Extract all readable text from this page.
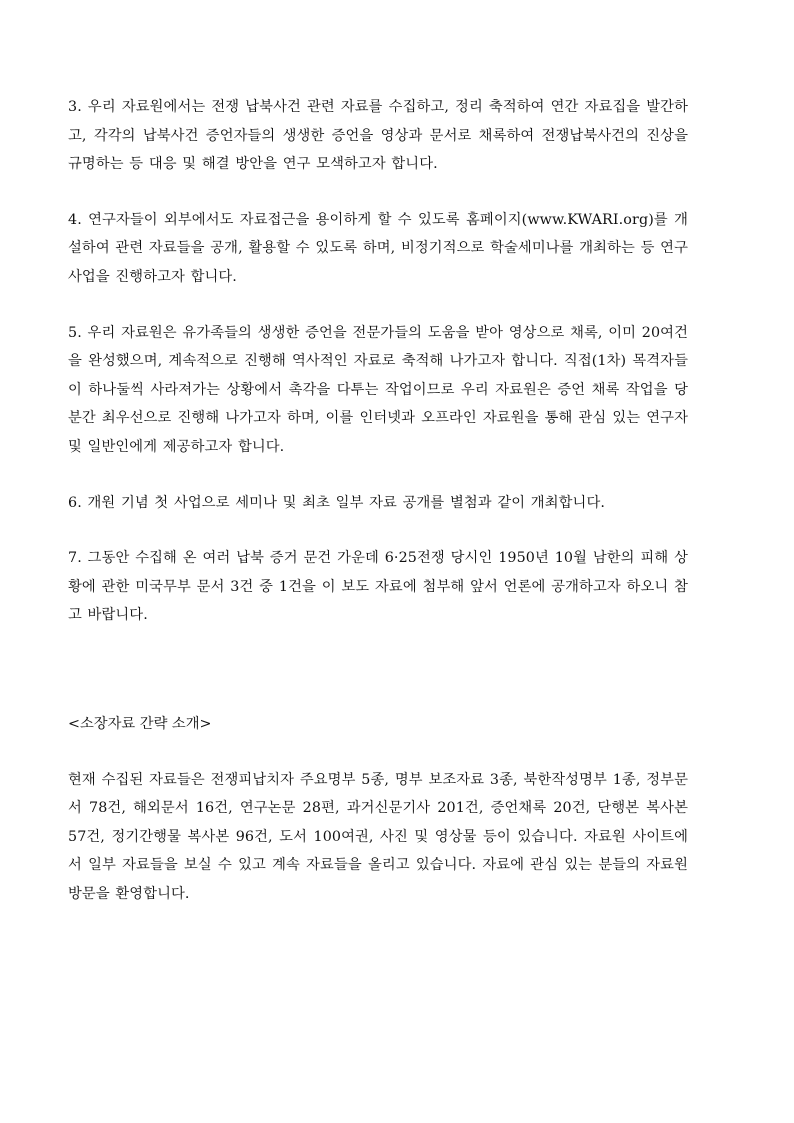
3. 우리 자료원에서는 전쟁 납북사건 관련 자료를 수집하고, 정리 축적하여 연간 자료집을 발간하고, 각각의 납북사건 증언자들의 생생한 증언을 영상과 문서로 채록하여 전쟁납북사건의 진상을 규명하는 등 대응 및 해결 방안을 연구 모색하고자 합니다.

4. 연구자들이 외부에서도 자료접근을 용이하게 할 수 있도록 홈페이지(www.KWARI.org)를 개설하여 관련 자료들을 공개, 활용할 수 있도록 하며, 비정기적으로 학술세미나를 개최하는 등 연구 사업을 진행하고자 합니다.

5. 우리 자료원은 유가족들의 생생한 증언을 전문가들의 도움을 받아 영상으로 채록, 이미 20여건을 완성했으며, 계속적으로 진행해 역사적인 자료로 축적해 나가고자 합니다. 직접(1차) 목격자들이 하나둘씩 사라져가는 상황에서 촉각을 다투는 작업이므로 우리 자료원은 증언 채록 작업을 당분간 최우선으로 진행해 나가고자 하며, 이를 인터넷과 오프라인 자료원을 통해 관심 있는 연구자 및 일반인에게 제공하고자 합니다.

6. 개원 기념 첫 사업으로 세미나 및 최초 일부 자료 공개를 별첨과 같이 개최합니다.

7. 그동안 수집해 온 여러 납북 증거 문건 가운데 6·25전쟁 당시인 1950년 10월 남한의 피해 상황에 관한 미국무부 문서 3건 중 1건을 이 보도 자료에 첨부해 앞서 언론에 공개하고자 하오니 참고 바랍니다.

<소장자료 간략 소개>

현재 수집된 자료들은 전쟁피납치자 주요명부 5종, 명부 보조자료 3종, 북한작성명부 1종, 정부문서 78건, 해외문서 16건, 연구논문 28편, 과거신문기사 201건, 증언채록 20건, 단행본 복사본 57건, 정기간행물 복사본 96건, 도서 100여권, 사진 및 영상물 등이 있습니다. 자료원 사이트에서 일부 자료들을 보실 수 있고 계속 자료들을 올리고 있습니다. 자료에 관심 있는 분들의 자료원 방문을 환영합니다.
